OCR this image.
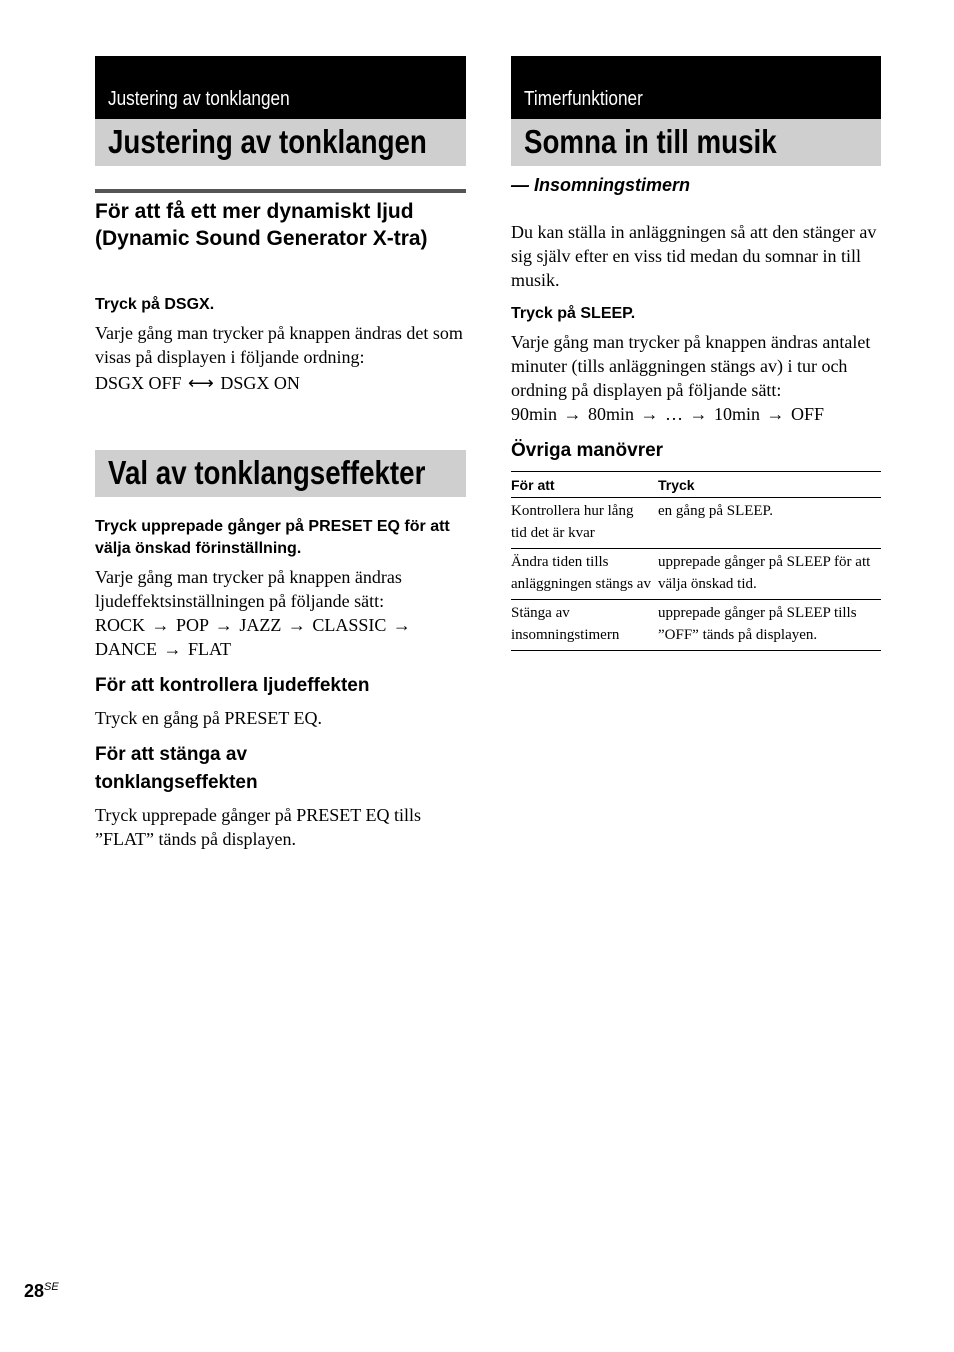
Justering av tonklangen
Justering av tonklangen
För att få ett mer dynamiskt ljud (Dynamic Sound Generator X-tra)
Tryck på DSGX.
Varje gång man trycker på knappen ändras det som visas på displayen i följande ordning:
DSGX OFF ⟷ DSGX ON
Val av tonklangseffekter
Tryck upprepade gånger på PRESET EQ för att välja önskad förinställning.
Varje gång man trycker på knappen ändras ljudeffektsinställningen på följande sätt:
ROCK → POP → JAZZ → CLASSIC →
DANCE → FLAT
För att kontrollera ljudeffekten
Tryck en gång på PRESET EQ.
För att stänga av tonklangseffekten
Tryck upprepade gånger på PRESET EQ tills ”FLAT” tänds på displayen.
Timerfunktioner
Somna in till musik
— Insomningstimern
Du kan ställa in anläggningen så att den stänger av sig själv efter en viss tid medan du somnar in till musik.
Tryck på SLEEP.
Varje gång man trycker på knappen ändras antalet minuter (tills anläggningen stängs av) i tur och ordning på displayen på följande sätt:
90min → 80min → … → 10min → OFF
Övriga manövrer
För att	Tryck
Kontrollera hur lång tid det är kvar	en gång på SLEEP.
Ändra tiden tills anläggningen stängs av	upprepade gånger på SLEEP för att välja önskad tid.
Stänga av insomningstimern	upprepade gånger på SLEEP tills ”OFF” tänds på displayen.
$28^{SE}$
